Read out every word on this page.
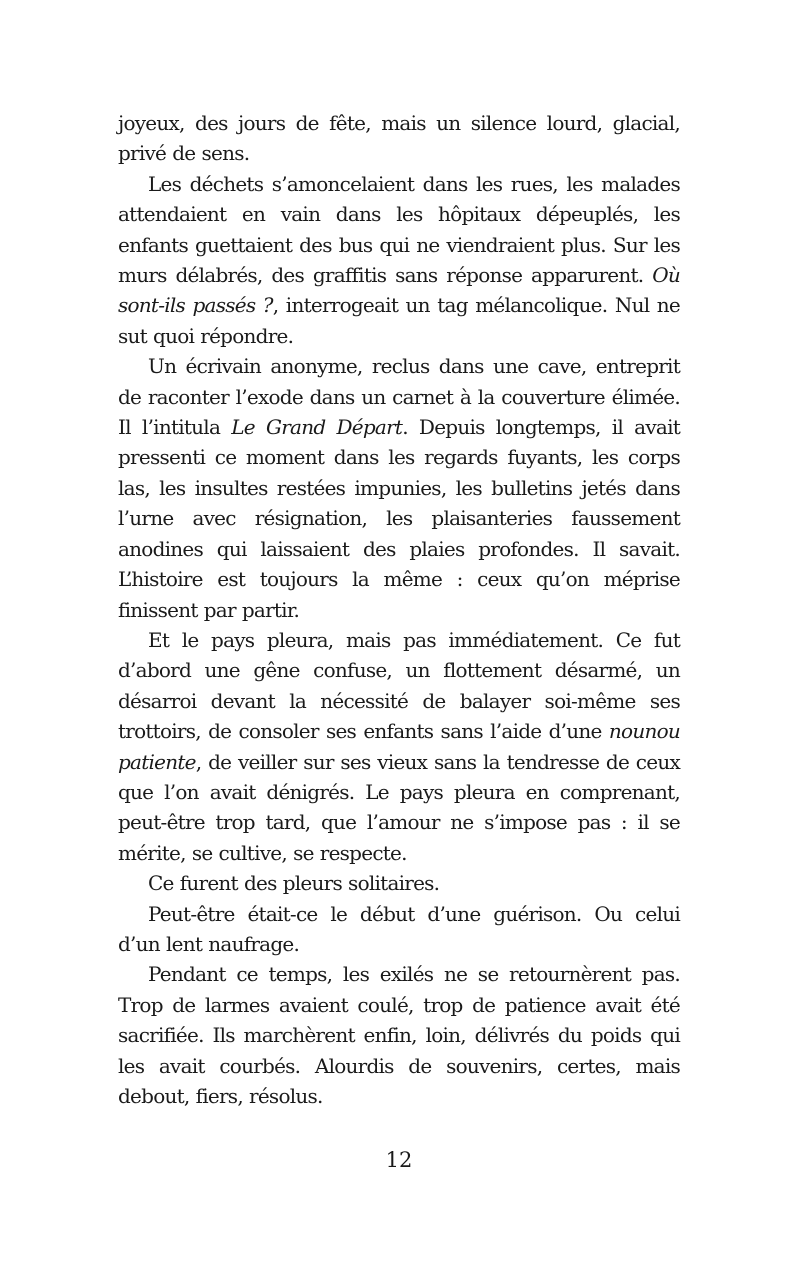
joyeux, des jours de fête, mais un silence lourd, glacial, privé de sens.

Les déchets s’amoncelaient dans les rues, les malades attendaient en vain dans les hôpitaux dépeuplés, les enfants guettaient des bus qui ne viendraient plus. Sur les murs délabrés, des graffitis sans réponse apparurent. Où sont-ils passés ?, interrogeait un tag mélancolique. Nul ne sut quoi répondre.

Un écrivain anonyme, reclus dans une cave, entreprit de raconter l’exode dans un carnet à la couverture élimée. Il l’intitula Le Grand Départ. Depuis longtemps, il avait pressenti ce moment dans les regards fuyants, les corps las, les insultes restées impunies, les bulletins jetés dans l’urne avec résignation, les plaisanteries faussement anodines qui laissaient des plaies profondes. Il savait. L’histoire est toujours la même : ceux qu’on méprise finissent par partir.

Et le pays pleura, mais pas immédiatement. Ce fut d’abord une gêne confuse, un flottement désarmé, un désarroi devant la nécessité de balayer soi-même ses trottoirs, de consoler ses enfants sans l’aide d’une nounou patiente, de veiller sur ses vieux sans la tendresse de ceux que l’on avait dénigrés. Le pays pleura en comprenant, peut-être trop tard, que l’amour ne s’impose pas : il se mérite, se cultive, se respecte.

Ce furent des pleurs solitaires.

Peut-être était-ce le début d’une guérison. Ou celui d’un lent naufrage.

Pendant ce temps, les exilés ne se retournèrent pas. Trop de larmes avaient coulé, trop de patience avait été sacrifiée. Ils marchèrent enfin, loin, délivrés du poids qui les avait courbés. Alourdis de souvenirs, certes, mais debout, fiers, résolus.

12
